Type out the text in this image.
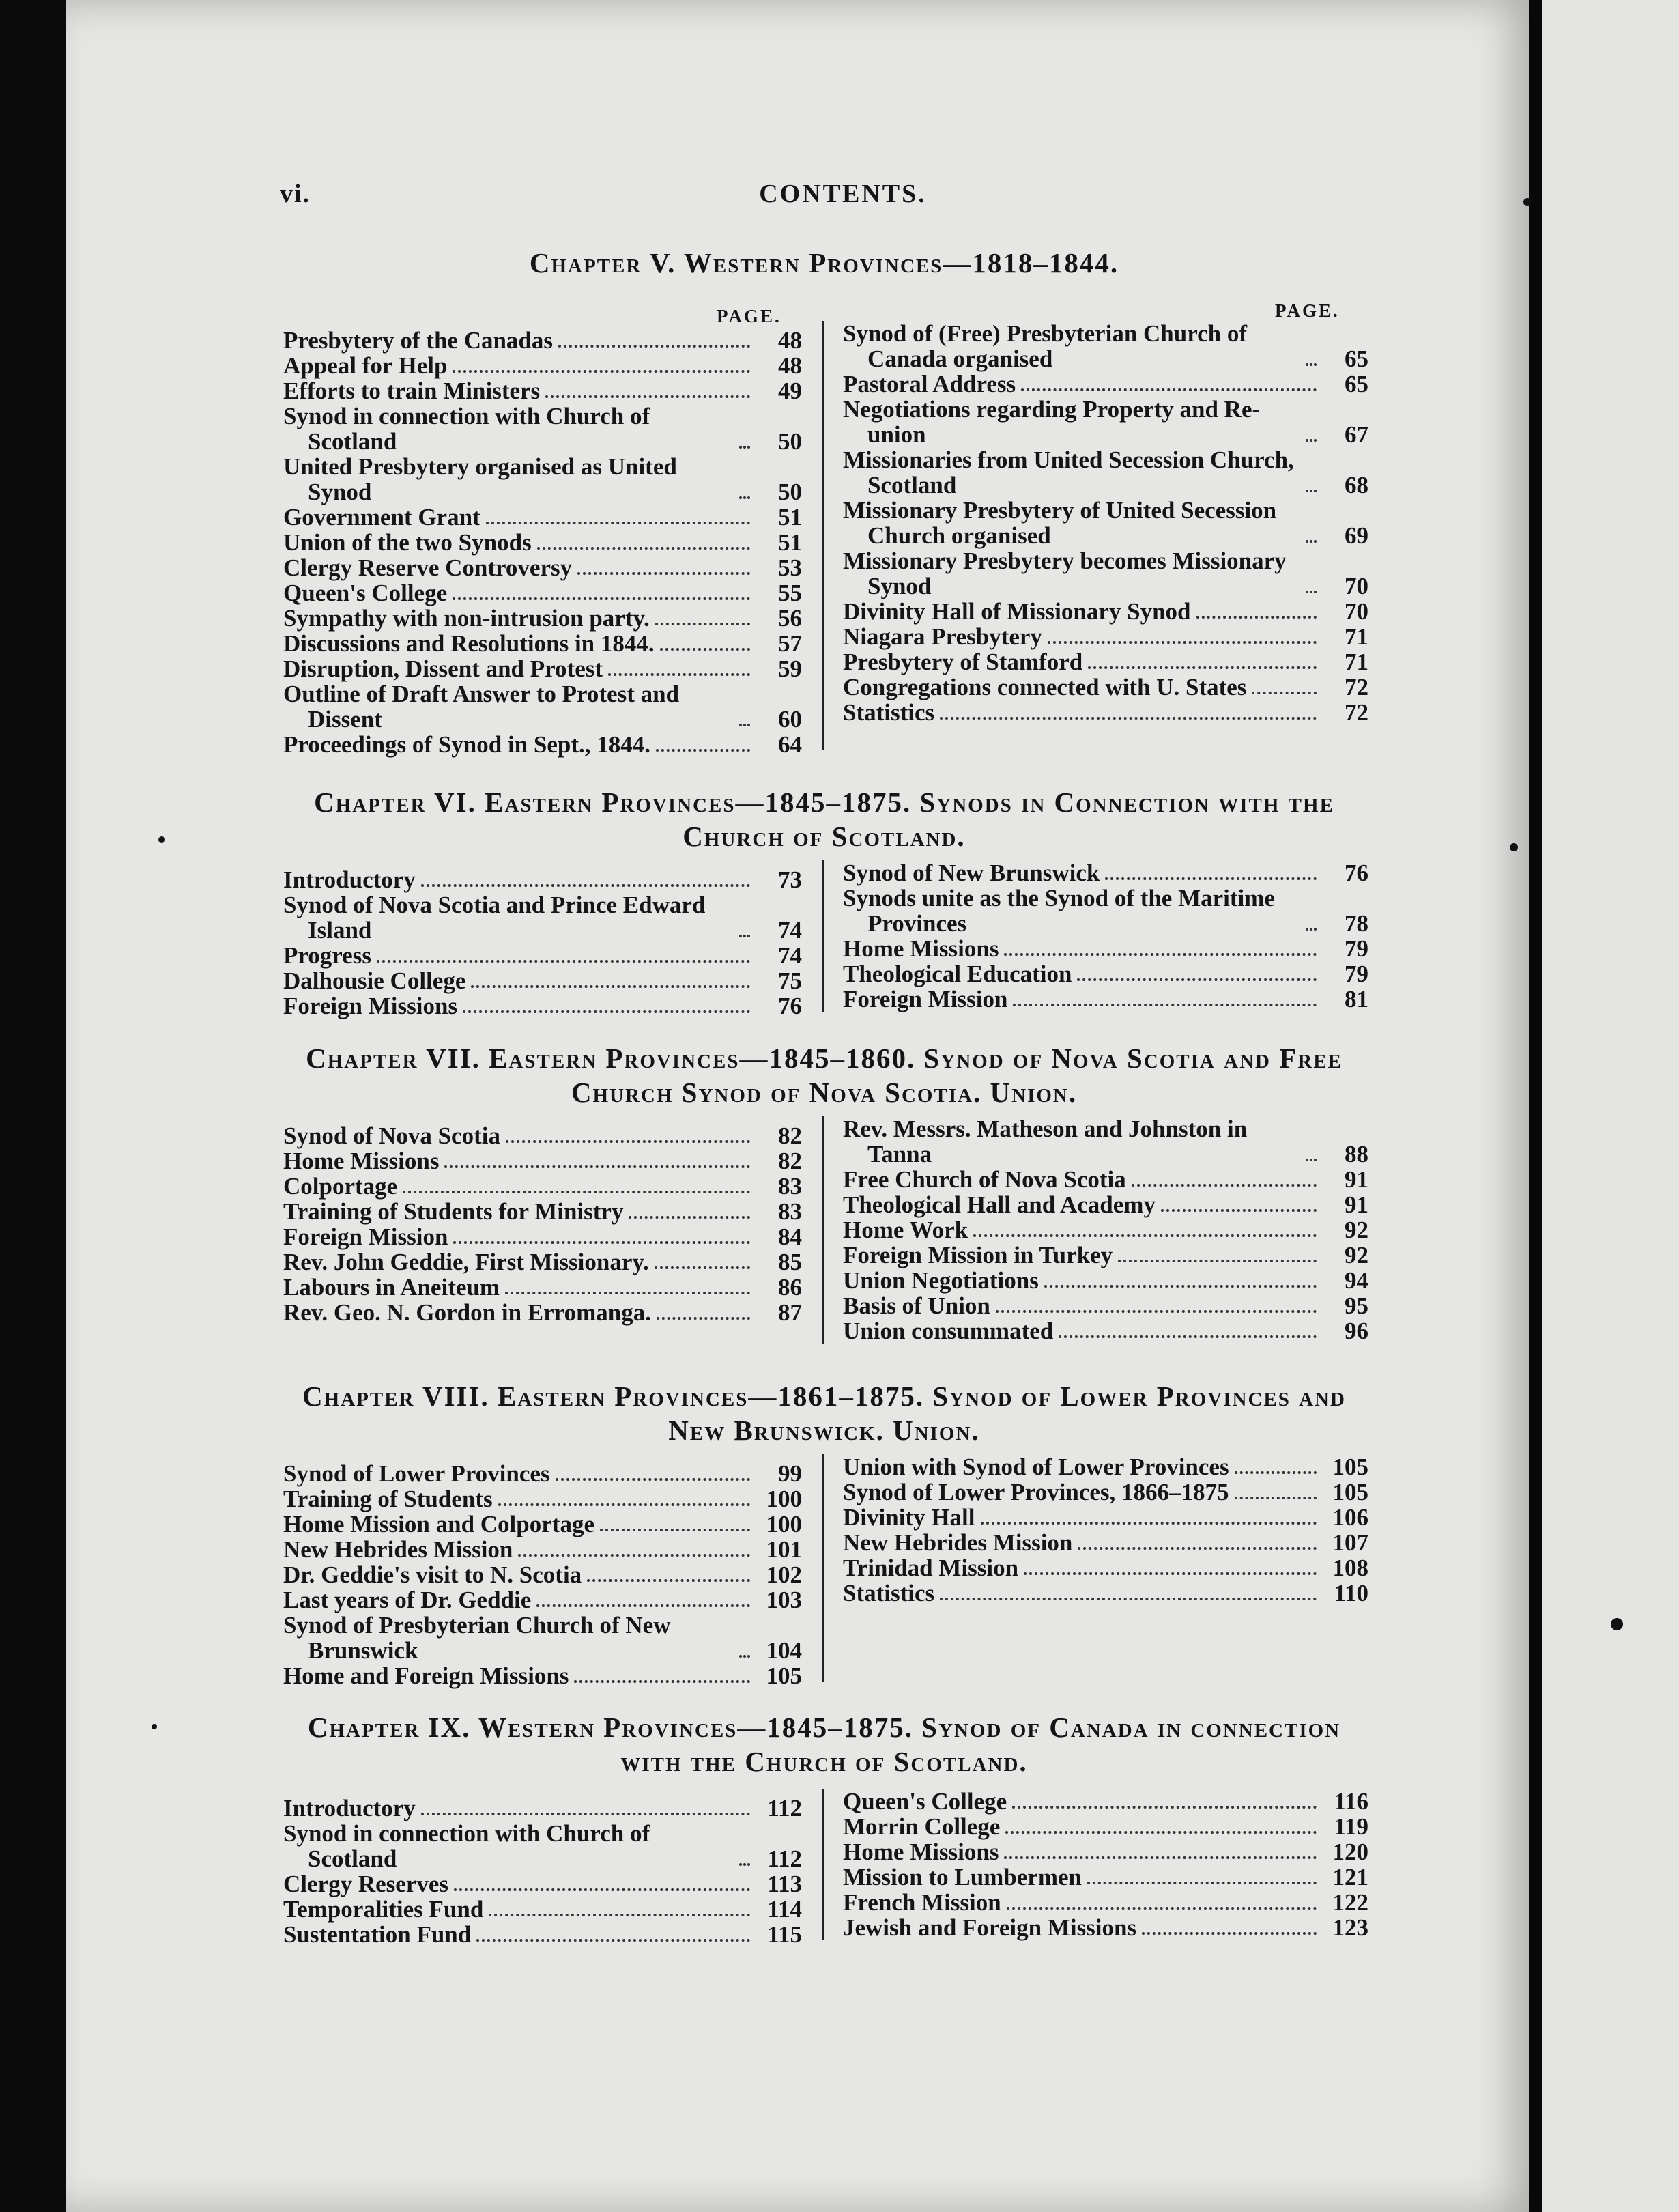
vi.	CONTENTS.
Chapter V. Western Provinces—1818–1844.
PAGE.	PAGE.
Presbytery of the Canadas	48
Appeal for Help	48
Efforts to train Ministers	49
Synod in connection with Church of Scotland	50
United Presbytery organised as United Synod	50
Government Grant	51
Union of the two Synods	51
Clergy Reserve Controversy	53
Queen's College	55
Sympathy with non-intrusion party.	56
Discussions and Resolutions in 1844.	57
Disruption, Dissent and Protest	59
Outline of Draft Answer to Protest and Dissent	60
Proceedings of Synod in Sept., 1844.	64
Synod of (Free) Presbyterian Church of Canada organised	65
Pastoral Address	65
Negotiations regarding Property and Re-union	67
Missionaries from United Secession Church, Scotland	68
Missionary Presbytery of United Secession Church organised	69
Missionary Presbytery becomes Missionary Synod	70
Divinity Hall of Missionary Synod	70
Niagara Presbytery	71
Presbytery of Stamford	71
Congregations connected with U. States	72
Statistics	72
Chapter VI. Eastern Provinces—1845–1875. Synods in Connection with the Church of Scotland.
Introductory	73
Synod of Nova Scotia and Prince Edward Island	74
Progress	74
Dalhousie College	75
Foreign Missions	76
Synod of New Brunswick	76
Synods unite as the Synod of the Maritime Provinces	78
Home Missions	79
Theological Education	79
Foreign Mission	81
Chapter VII. Eastern Provinces—1845–1860. Synod of Nova Scotia and Free Church Synod of Nova Scotia. Union.
Synod of Nova Scotia	82
Home Missions	82
Colportage	83
Training of Students for Ministry	83
Foreign Mission	84
Rev. John Geddie, First Missionary.	85
Labours in Aneiteum	86
Rev. Geo. N. Gordon in Erromanga.	87
Rev. Messrs. Matheson and Johnston in Tanna	88
Free Church of Nova Scotia	91
Theological Hall and Academy	91
Home Work	92
Foreign Mission in Turkey	92
Union Negotiations	94
Basis of Union	95
Union consummated	96
Chapter VIII. Eastern Provinces—1861–1875. Synod of Lower Provinces and New Brunswick. Union.
Synod of Lower Provinces	99
Training of Students	100
Home Mission and Colportage	100
New Hebrides Mission	101
Dr. Geddie's visit to N. Scotia	102
Last years of Dr. Geddie	103
Synod of Presbyterian Church of New Brunswick	104
Home and Foreign Missions	105
Union with Synod of Lower Provinces	105
Synod of Lower Provinces, 1866–1875	105
Divinity Hall	106
New Hebrides Mission	107
Trinidad Mission	108
Statistics	110
Chapter IX. Western Provinces—1845–1875. Synod of Canada in connection with the Church of Scotland.
Introductory	112
Synod in connection with Church of Scotland	112
Clergy Reserves	113
Temporalities Fund	114
Sustentation Fund	115
Queen's College	116
Morrin College	119
Home Missions	120
Mission to Lumbermen	121
French Mission	122
Jewish and Foreign Missions	123
